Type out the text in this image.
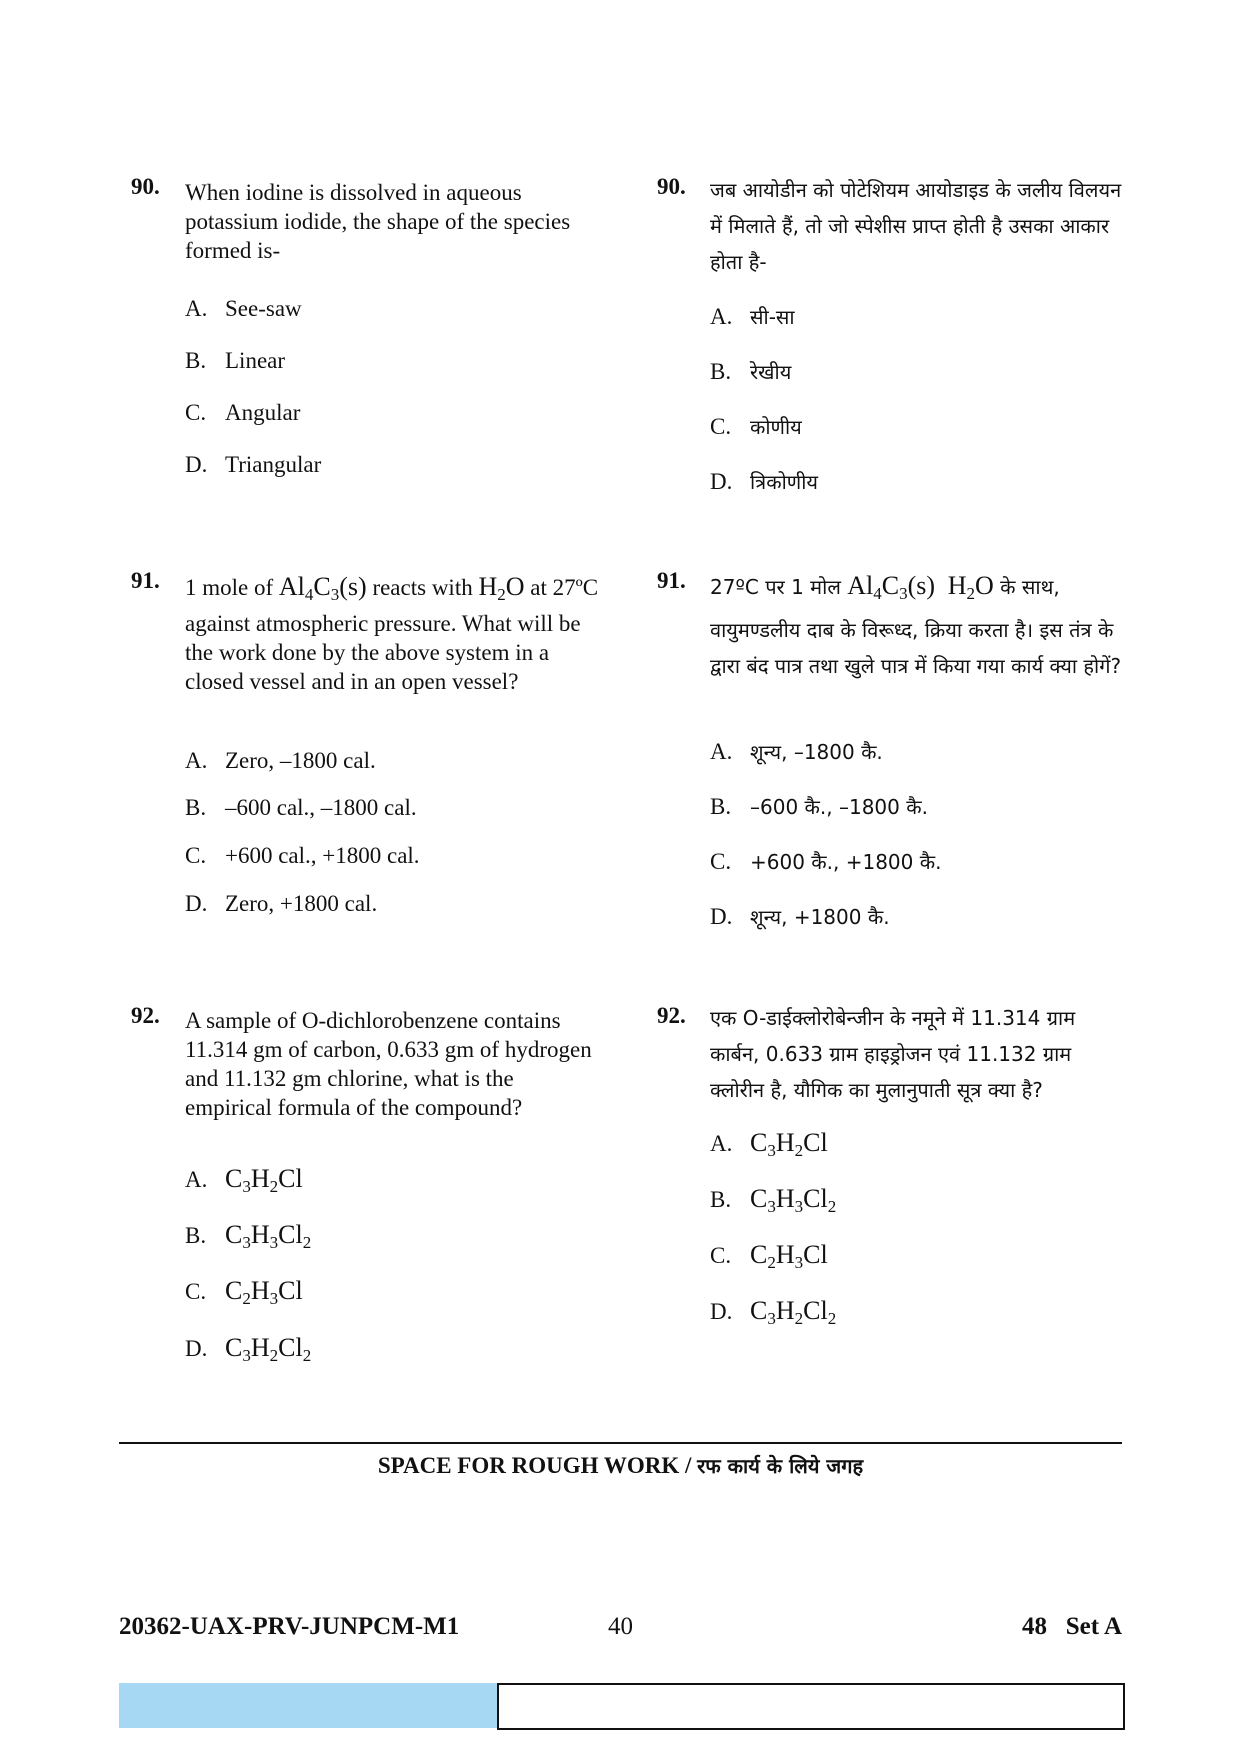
90. When iodine is dissolved in aqueous potassium iodide, the shape of the species formed is-
A. See-saw
B. Linear
C. Angular
D. Triangular
91. 1 mole of $Al_4C_3(s)$ reacts with $H_2O$ at 27ºC against atmospheric pressure. What will be the work done by the above system in a closed vessel and in an open vessel?
A. Zero, –1800 cal.
B. –600 cal., –1800 cal.
C. +600 cal., +1800 cal.
D. Zero, +1800 cal.
92. A sample of O-dichlorobenzene contains 11.314 gm of carbon, 0.633 gm of hydrogen and 11.132 gm chlorine, what is the empirical formula of the compound?
A. $C_3H_2Cl$
B. $C_3H_3Cl_2$
C. $C_2H_3Cl$
D. $C_3H_2Cl_2$
90. जब आयोडीन को पोटेशियम आयोडाइड के जलीय विलयन में मिलाते हैं, तो जो स्पेशीस प्राप्त होती है उसका आकार होता है-
A. सी-सा
B. रेखीय
C. कोणीय
D. त्रिकोणीय
91. 27ºC पर 1 मोल $Al_4C_3(s)$ $H_2O$ के साथ, वायुमण्डलीय दाब के विरूध्द, क्रिया करता है। इस तंत्र के द्वारा बंद पात्र तथा खुले पात्र में किया गया कार्य क्या होगें?
A. शून्य, –1800 कै.
B. –600 कै., –1800 कै.
C. +600 कै., +1800 कै.
D. शून्य, +1800 कै.
92. एक O-डाईक्लोरोबेन्जीन के नमूने में 11.314 ग्राम कार्बन, 0.633 ग्राम हाइड्रोजन एवं 11.132 ग्राम क्लोरीन है, यौगिक का मुलानुपाती सूत्र क्या है?
A. $C_3H_2Cl$
B. $C_3H_3Cl_2$
C. $C_2H_3Cl$
D. $C_3H_2Cl_2$
SPACE FOR ROUGH WORK / रफ कार्य के लिये जगह
20362-UAX-PRV-JUNPCM-M1	40	48   Set A
